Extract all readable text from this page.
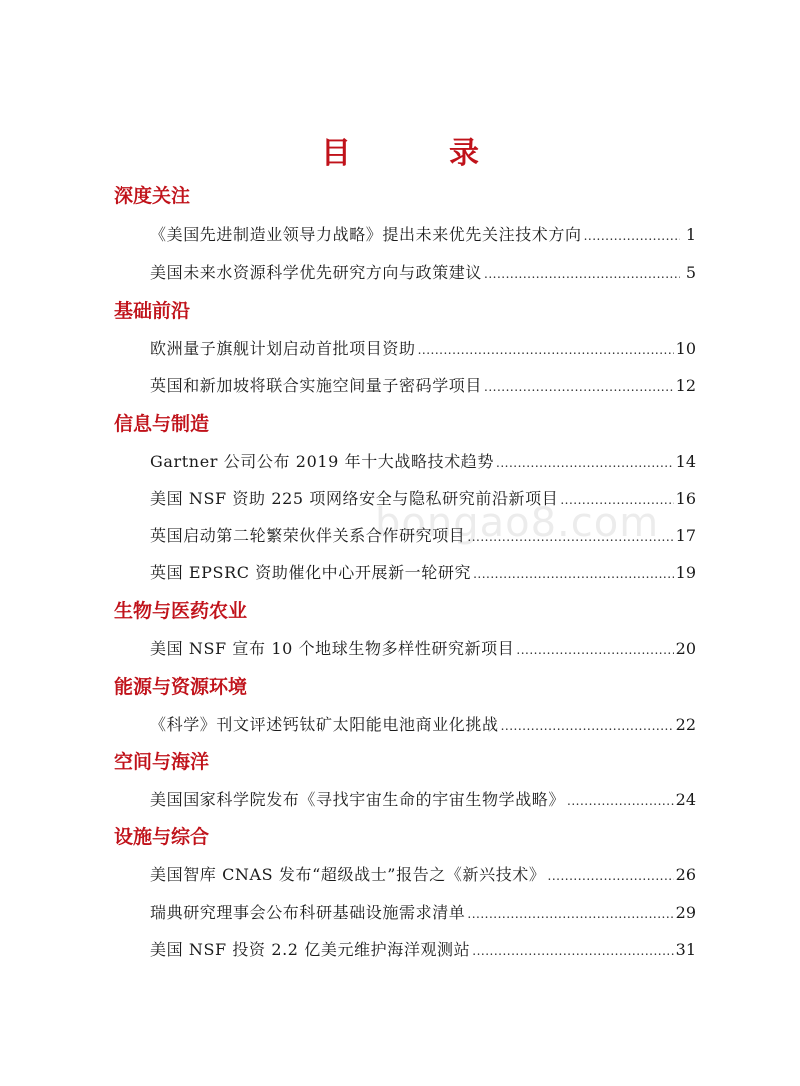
目　录
bongao8.com
深度关注
《美国先进制造业领导力战略》提出未来优先关注技术方向 .....	1
美国未来水资源科学优先研究方向与政策建议 .....	5
基础前沿
欧洲量子旗舰计划启动首批项目资助 .....	10
英国和新加坡将联合实施空间量子密码学项目 .....	12
信息与制造
Gartner 公司公布 2019 年十大战略技术趋势 .....	14
美国 NSF 资助 225 项网络安全与隐私研究前沿新项目 .....	16
英国启动第二轮繁荣伙伴关系合作研究项目 .....	17
英国 EPSRC 资助催化中心开展新一轮研究 .....	19
生物与医药农业
美国 NSF 宣布 10 个地球生物多样性研究新项目 .....	20
能源与资源环境
《科学》刊文评述钙钛矿太阳能电池商业化挑战 .....	22
空间与海洋
美国国家科学院发布《寻找宇宙生命的宇宙生物学战略》 .....	24
设施与综合
美国智库 CNAS 发布“超级战士”报告之《新兴技术》 .....	26
瑞典研究理事会公布科研基础设施需求清单 .....	29
美国 NSF 投资 2.2 亿美元维护海洋观测站 .....	31
